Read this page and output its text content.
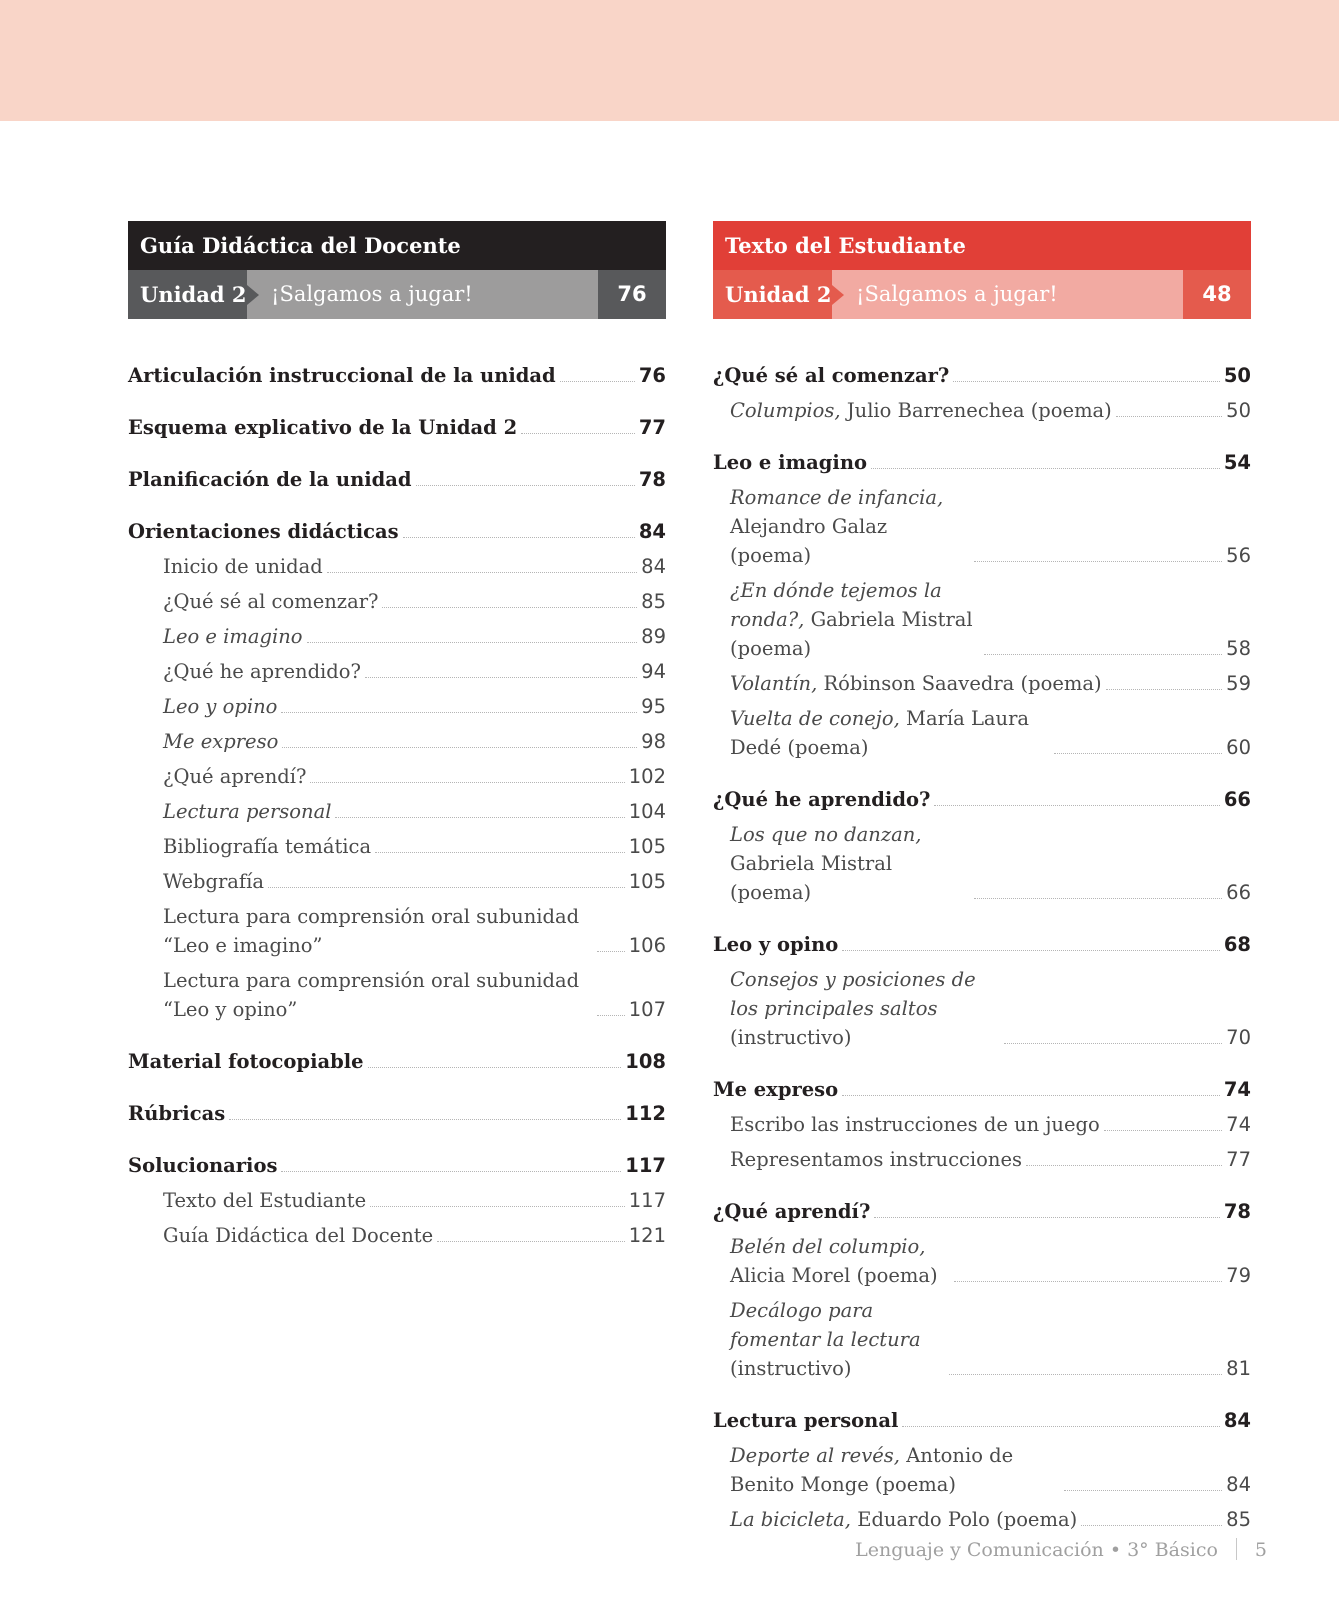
Guía Didáctica del Docente
Unidad 2	¡Salgamos a jugar!	76
Articulación instruccional de la unidad	76
Esquema explicativo de la Unidad 2	77
Planificación de la unidad	78
Orientaciones didácticas	84
Inicio de unidad	84
¿Qué sé al comenzar?	85
Leo e imagino	89
¿Qué he aprendido?	94
Leo y opino	95
Me expreso	98
¿Qué aprendí?	102
Lectura personal	104
Bibliografía temática	105
Webgrafía	105
Lectura para comprensión oral subunidad “Leo e imagino”	106
Lectura para comprensión oral subunidad “Leo y opino”	107
Material fotocopiable	108
Rúbricas	112
Solucionarios	117
Texto del Estudiante	117
Guía Didáctica del Docente	121
Texto del Estudiante
Unidad 2	¡Salgamos a jugar!	48
¿Qué sé al comenzar?	50
Columpios, Julio Barrenechea (poema)	50
Leo e imagino	54
Romance de infancia, Alejandro Galaz (poema)	56
¿En dónde tejemos la ronda?, Gabriela Mistral (poema)	58
Volantín, Róbinson Saavedra (poema)	59
Vuelta de conejo, María Laura Dedé (poema)	60
¿Qué he aprendido?	66
Los que no danzan, Gabriela Mistral (poema)	66
Leo y opino	68
Consejos y posiciones de los principales saltos (instructivo)	70
Me expreso	74
Escribo las instrucciones de un juego	74
Representamos instrucciones	77
¿Qué aprendí?	78
Belén del columpio, Alicia Morel (poema)	79
Decálogo para fomentar la lectura (instructivo)	81
Lectura personal	84
Deporte al revés, Antonio de Benito Monge (poema)	84
La bicicleta, Eduardo Polo (poema)	85
Lenguaje y Comunicación • 3° Básico 5
